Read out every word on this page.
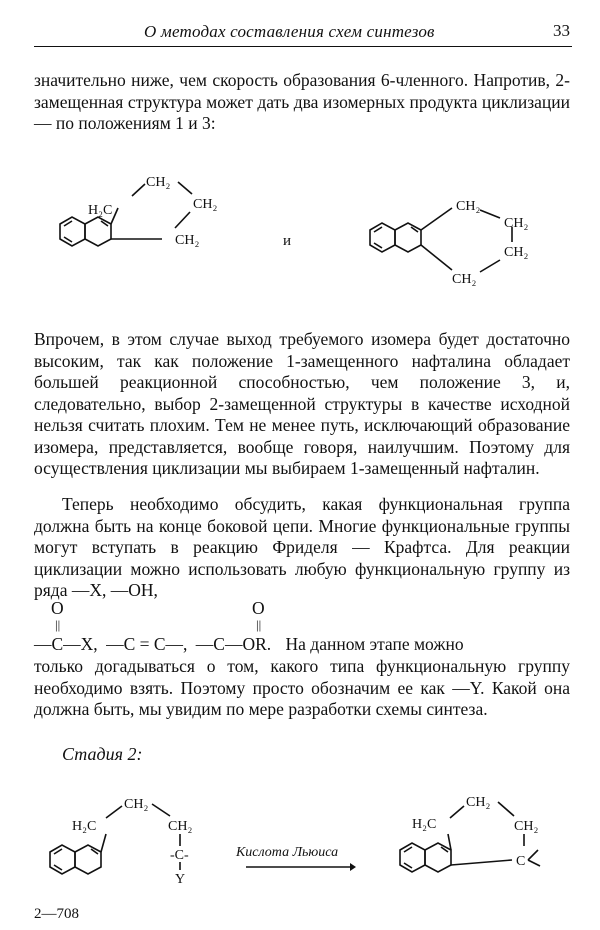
О методах составления схем синтезов	33

значительно ниже, чем скорость образования 6-членного. Напротив, 2-замещенная структура может дать два изомерных продукта циклизации — по положениям 1 и 3:

CH₂
H₂C	CH₂
CH₂	и
CH₂
CH₂
CH₂
CH₂

Впрочем, в этом случае выход требуемого изомера будет достаточно высоким, так как положение 1-замещенного нафталина обладает большей реакционной способностью, чем положение 3, и, следовательно, выбор 2-замещенной структуры в качестве исходной нельзя считать плохим. Тем не менее путь, исключающий образование изомера, представляется, вообще говоря, наилучшим. Поэтому для осуществления циклизации мы выбираем 1-замещенный нафталин.

Теперь необходимо обсудить, какая функциональная группа должна быть на конце боковой цепи. Многие функциональные группы могут вступать в реакцию Фриделя — Крафтса. Для реакции циклизации можно использовать любую функциональную группу из ряда —X, —OH,

O
||
O
||
—C—X, —C = C—, —C—OR. На данном этапе можно

только догадываться о том, какого типа функциональную группу необходимо взять. Поэтому просто обозначим ее как —Y. Какой она должна быть, мы увидим по мере разработки схемы синтеза.

Стадия 2:
CH₂
H₂C	CH₂
-C-
Y
Кислота Льюиса
CH₂
H₂C	CH₂
C
2—708
